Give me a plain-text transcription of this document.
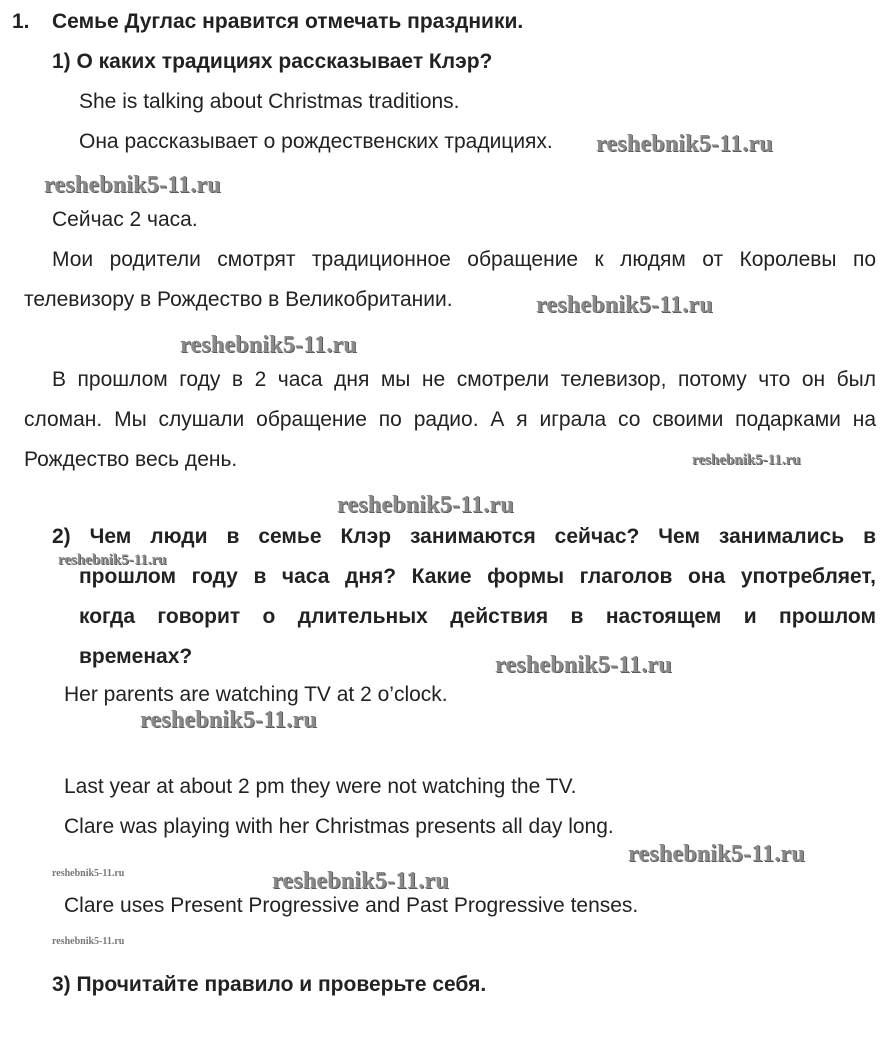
1. Семье Дуглас нравится отмечать праздники.
1) О каких традициях рассказывает Клэр?
She is talking about Christmas traditions.
Она рассказывает о рождественских традициях.
Сейчас 2 часа.
Мои родители смотрят традиционное обращение к людям от Королевы по
телевизору в Рождество в Великобритании.
В прошлом году в 2 часа дня мы не смотрели телевизор, потому что он был
сломан. Мы слушали обращение по радио. А я играла со своими подарками на
Рождество весь день.
2) Чем люди в семье Клэр занимаются сейчас? Чем занимались в
прошлом году в часа дня? Какие формы глаголов она употребляет,
когда говорит о длительных действия в настоящем и прошлом
временах?
Her parents are watching TV at 2 o’clock.
Last year at about 2 pm they were not watching the TV.
Clare was playing with her Christmas presents all day long.
Clare uses Present Progressive and Past Progressive tenses.
3) Прочитайте правило и проверьте себя.
reshebnik5-11.ru
reshebnik5-11.ru
reshebnik5-11.ru
reshebnik5-11.ru
reshebnik5-11.ru
reshebnik5-11.ru
reshebnik5-11.ru
reshebnik5-11.ru
reshebnik5-11.ru
reshebnik5-11.ru
reshebnik5-11.ru	reshebnik5-11.ru
reshebnik5-11.ru
